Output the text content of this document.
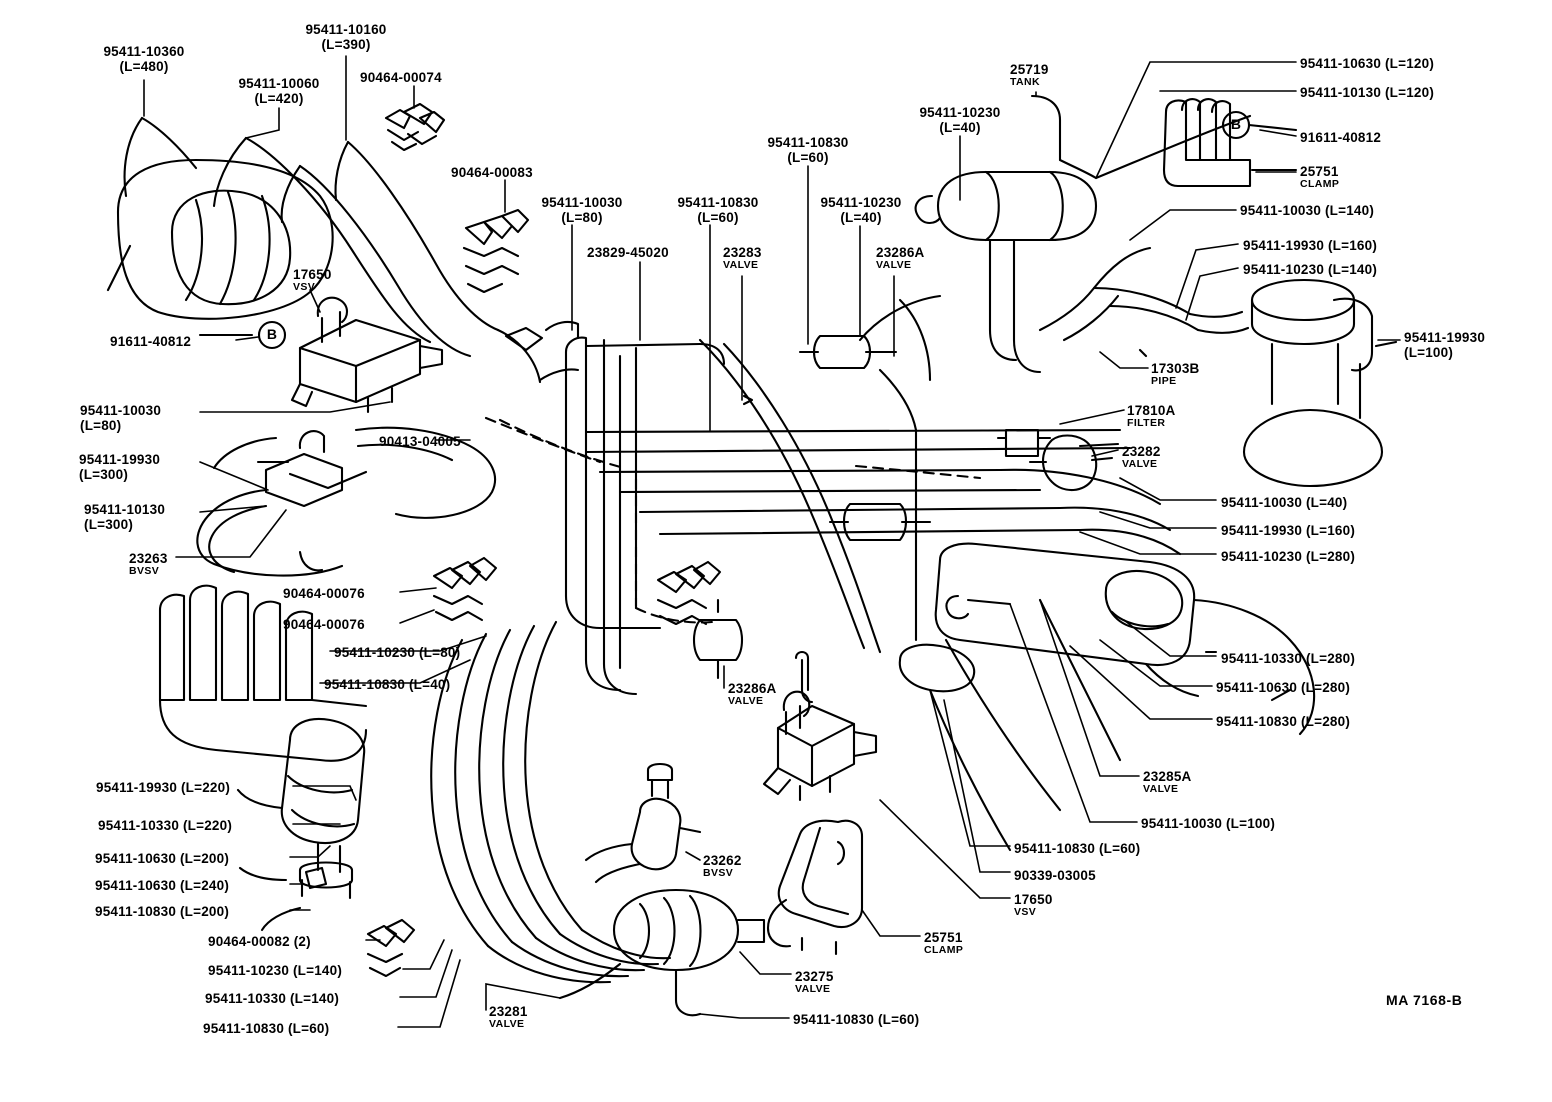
95411-10360
(L=480)
95411-10160
(L=390)
95411-10060
(L=420)
90464-00074
90464-00083
95411-10030
(L=80)
23829-45020
95411-10830
(L=60)
23283
VALVE
95411-10830
(L=60)
95411-10230
(L=40)
23286A
VALVE
95411-10230
(L=40)
25719
TANK
95411-10630 (L=120)
95411-10130 (L=120)
91611-40812
25751
CLAMP
95411-10030 (L=140)
95411-19930 (L=160)
95411-10230 (L=140)
95411-19930
(L=100)
17303B
PIPE
17810A
FILTER
23282
VALVE
95411-10030 (L=40)
95411-19930 (L=160)
95411-10230 (L=280)
95411-10330 (L=280)
95411-10630 (L=280)
95411-10830 (L=280)
23285A
VALVE
95411-10030 (L=100)
95411-10830 (L=60)
90339-03005
17650
VSV
25751
CLAMP
23275
VALVE
95411-10830 (L=60)
23281
VALVE
95411-10830 (L=60)
95411-10330 (L=140)
95411-10230 (L=140)
90464-00082 (2)
95411-10830 (L=200)
95411-10630 (L=240)
95411-10630 (L=200)
95411-10330 (L=220)
95411-19930 (L=220)
95411-10830 (L=40)
95411-10230 (L=80)
90464-00076
90464-00076
23263
BVSV
95411-10130
(L=300)
95411-19930
(L=300)
95411-10030
(L=80)
90413-04005
91611-40812
17650
VSV
23286A
VALVE
23262
BVSV
B
B
MA 7168-B
